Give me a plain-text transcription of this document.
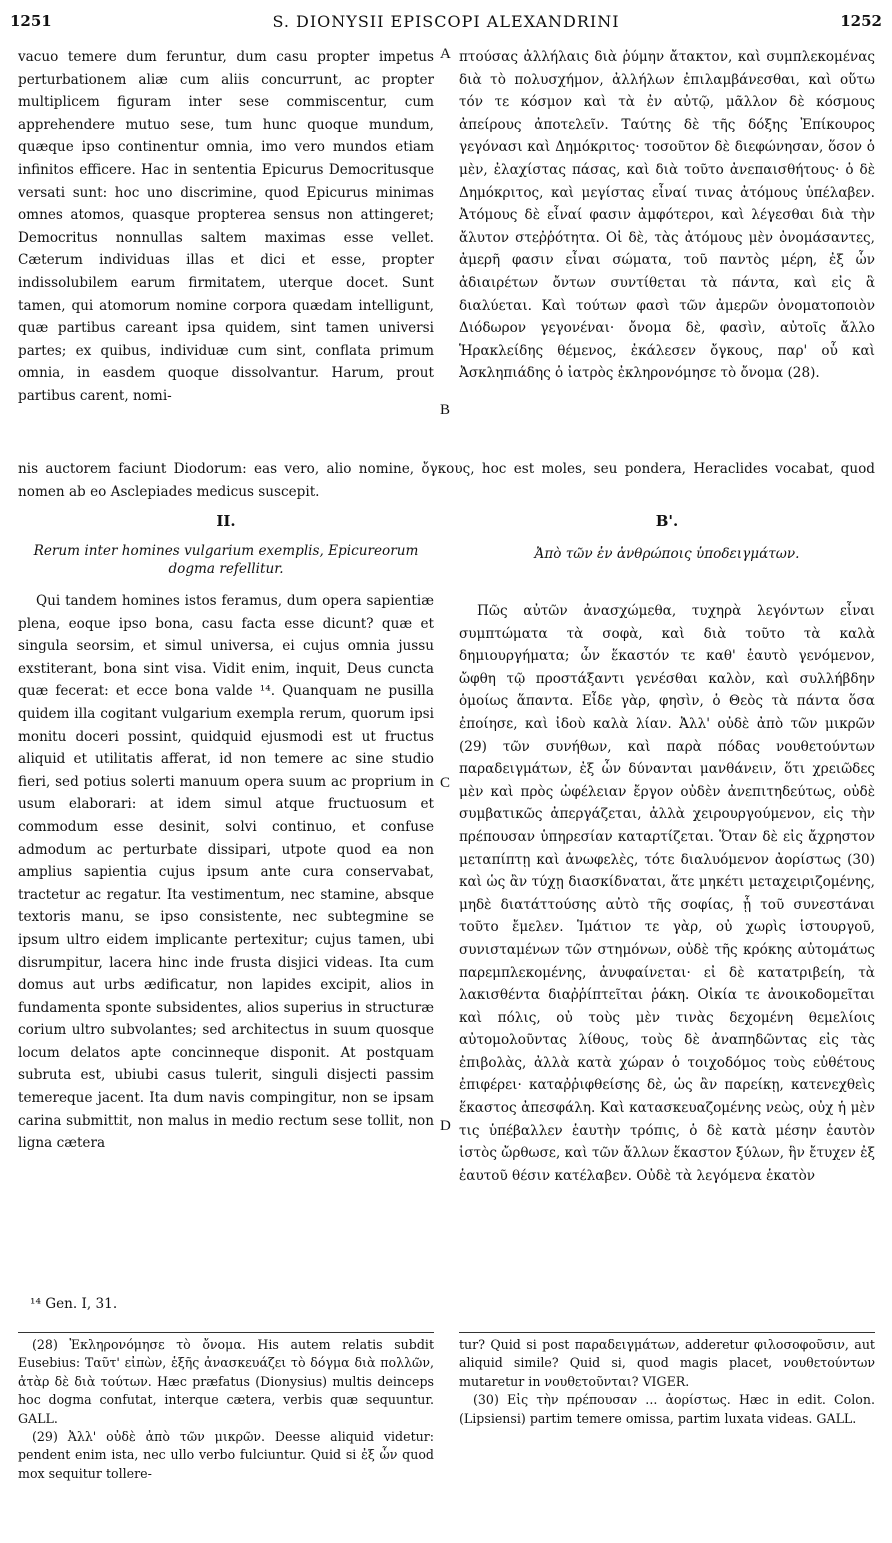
1251	S. DIONYSII EPISCOPI ALEXANDRINI	1252
A
B
C
D

vacuo temere dum feruntur, dum casu propter impetus perturbationem aliæ cum aliis concurrunt, ac propter multiplicem figuram inter sese commiscentur, cum apprehendere mutuo sese, tum hunc quoque mundum, quæque ipso continentur omnia, imo vero mundos etiam infinitos efficere. Hac in sententia Epicurus Democritusque versati sunt: hoc uno discrimine, quod Epicurus minimas omnes atomos, quasque propterea sensus non attingeret; Democritus nonnullas saltem maximas esse vellet. Cæterum individuas illas et dici et esse, propter indissolubilem earum firmitatem, uterque docet. Sunt tamen, qui atomorum nomine corpora quædam intelligunt, quæ partibus careant ipsa quidem, sint tamen universi partes; ex quibus, individuæ cum sint, conflata primum omnia, in easdem quoque dissolvantur. Harum, prout partibus carent, nomi-

πτούσας ἀλλήλαις διὰ ῥύμην ἄτακτον, καὶ συμπλεκομένας διὰ τὸ πολυσχήμον, ἀλλήλων ἐπιλαμβάνεσθαι, καὶ οὕτω τόν τε κόσμον καὶ τὰ ἐν αὐτῷ, μᾶλλον δὲ κόσμους ἀπείρους ἀποτελεῖν. Ταύτης δὲ τῆς δόξης Ἐπίκουρος γεγόνασι καὶ Δημόκριτος· τοσοῦτον δὲ διεφώνησαν, ὅσον ὁ μὲν, ἐλαχίστας πάσας, καὶ διὰ τοῦτο ἀνεπαισθήτους· ὁ δὲ Δημόκριτος, καὶ μεγίστας εἶναί τινας ἀτόμους ὑπέλαβεν. Ἀτόμους δὲ εἶναί φασιν ἀμφότεροι, καὶ λέγεσθαι διὰ τὴν ἄλυτον στεῤῥότητα. Οἱ δὲ, τὰς ἀτόμους μὲν ὀνομάσαντες, ἀμερῆ φασιν εἶναι σώματα, τοῦ παντὸς μέρη, ἐξ ὧν ἀδιαιρέτων ὄντων συντίθεται τὰ πάντα, καὶ εἰς ἃ διαλύεται. Καὶ τούτων φασὶ τῶν ἀμερῶν ὀνοματοποιὸν Διόδωρον γεγονέναι· ὄνομα δὲ, φασὶν, αὐτοῖς ἄλλο Ἡρακλείδης θέμενος, ἐκάλεσεν ὄγκους, παρ' οὗ καὶ Ἀσκληπιάδης ὁ ἰατρὸς ἐκληρονόμησε τὸ ὄνομα (28).

nis auctorem faciunt Diodorum: eas vero, alio nomine, ὄγκους, hoc est moles, seu pondera, Heraclides vocabat, quod nomen ab eo Asclepiades medicus suscepit.

II.	Β'.
Rerum inter homines vulgarium exemplis, Epicureorum dogma refellitur.
Ἀπὸ τῶν ἐν ἀνθρώποις ὑποδειγμάτων.

Qui tandem homines istos feramus, dum opera sapientiæ plena, eoque ipso bona, casu facta esse dicunt? quæ et singula seorsim, et simul universa, ei cujus omnia jussu exstiterant, bona sint visa. Vidit enim, inquit, Deus cuncta quæ fecerat: et ecce bona valde ¹⁴. Quanquam ne pusilla quidem illa cogitant vulgarium exempla rerum, quorum ipsi monitu doceri possint, quidquid ejusmodi est ut fructus aliquid et utilitatis afferat, id non temere ac sine studio fieri, sed potius solerti manuum opera suum ac proprium in usum elaborari: at idem simul atque fructuosum et commodum esse desinit, solvi continuo, et confuse admodum ac perturbate dissipari, utpote quod ea non amplius sapientia cujus ipsum ante cura conservabat, tractetur ac regatur. Ita vestimentum, nec stamine, absque textoris manu, se ipso consistente, nec subtegmine se ipsum ultro eidem implicante pertexitur; cujus tamen, ubi disrumpitur, lacera hinc inde frusta disjici videas. Ita cum domus aut urbs ædificatur, non lapides excipit, alios in fundamenta sponte subsidentes, alios superius in structuræ corium ultro subvolantes; sed architectus in suum quosque locum delatos apte concinneque disponit. At postquam subruta est, ubiubi casus tulerit, singuli disjecti passim temereque jacent. Ita dum navis compingitur, non se ipsam carina submittit, non malus in medio rectum sese tollit, non ligna cætera

Πῶς αὐτῶν ἀνασχώμεθα, τυχηρὰ λεγόντων εἶναι συμπτώματα τὰ σοφὰ, καὶ διὰ τοῦτο τὰ καλὰ δημιουργήματα; ὧν ἕκαστόν τε καθ' ἑαυτὸ γενόμενον, ὤφθη τῷ προστάξαντι γενέσθαι καλὸν, καὶ συλλήβδην ὁμοίως ἅπαντα. Εἶδε γὰρ, φησὶν, ὁ Θεὸς τὰ πάντα ὅσα ἐποίησε, καὶ ἰδοὺ καλὰ λίαν. Ἀλλ' οὐδὲ ἀπὸ τῶν μικρῶν (29) τῶν συνήθων, καὶ παρὰ πόδας νουθετούντων παραδειγμάτων, ἐξ ὧν δύνανται μανθάνειν, ὅτι χρειῶδες μὲν καὶ πρὸς ὠφέλειαν ἔργον οὐδὲν ἀνεπιτηδεύτως, οὐδὲ συμβατικῶς ἀπεργάζεται, ἀλλὰ χειρουργούμενον, εἰς τὴν πρέπουσαν ὑπηρεσίαν καταρτίζεται. Ὅταν δὲ εἰς ἄχρηστον μεταπίπτῃ καὶ ἀνωφελὲς, τότε διαλυόμενον ἀορίστως (30) καὶ ὡς ἂν τύχῃ διασκίδναται, ἅτε μηκέτι μεταχειριζομένης, μηδὲ διατάττούσης αὐτὸ τῆς σοφίας, ᾗ τοῦ συνεστάναι τοῦτο ἔμελεν. Ἱμάτιον τε γὰρ, οὐ χωρὶς ἱστουργοῦ, συνισταμένων τῶν στημόνων, οὐδὲ τῆς κρόκης αὐτομάτως παρεμπλεκομένης, ἀνυφαίνεται· εἰ δὲ κατατριβείη, τὰ λακισθέντα διαῤῥίπτεῖται ῥάκη. Οἰκία τε ἀνοικοδομεῖται καὶ πόλις, οὐ τοὺς μὲν τινὰς δεχομένη θεμελίοις αὐτομολοῦντας λίθους, τοὺς δὲ ἀναπηδῶντας εἰς τὰς ἐπιβολὰς, ἀλλὰ κατὰ χώραν ὁ τοιχοδόμος τοὺς εὐθέτους ἐπιφέρει· καταῤῥιφθείσης δὲ, ὡς ἂν παρείκῃ, κατενεχθεὶς ἕκαστος ἀπεσφάλη. Καὶ κατασκευαζομένης νεὼς, οὐχ ἡ μὲν τις ὑπέβαλλεν ἑαυτὴν τρόπις, ὁ δὲ κατὰ μέσην ἑαυτὸν ἱστὸς ὤρθωσε, καὶ τῶν ἄλλων ἕκαστον ξύλων, ἣν ἔτυχεν ἐξ ἑαυτοῦ θέσιν κατέλαβεν. Οὐδὲ τὰ λεγόμενα ἑκατὸν

¹⁴ Gen. I, 31.

(28) Ἐκληρονόμησε τὸ ὄνομα. His autem relatis subdit Eusebius: Ταῦτ' εἰπὼν, ἑξῆς ἀνασκευάζει τὸ δόγμα διὰ πολλῶν, ἀτὰρ δὲ διὰ τούτων. Hæc præfatus (Dionysius) multis deinceps hoc dogma confutat, interque cætera, verbis quæ sequuntur. GALL.

(29) Ἀλλ' οὐδὲ ἀπὸ τῶν μικρῶν. Deesse aliquid videtur: pendent enim ista, nec ullo verbo fulciuntur. Quid si ἐξ ὧν quod mox sequitur tollere-

tur? Quid si post παραδειγμάτων, adderetur φιλοσοφοῦσιν, aut aliquid simile? Quid si, quod magis placet, νουθετούντων mutaretur in νουθετοῦνται? VIGER.

(30) Εἰς τὴν πρέπουσαν ... ἀορίστως. Hæc in edit. Colon. (Lipsiensi) partim temere omissa, partim luxata videas. GALL.
